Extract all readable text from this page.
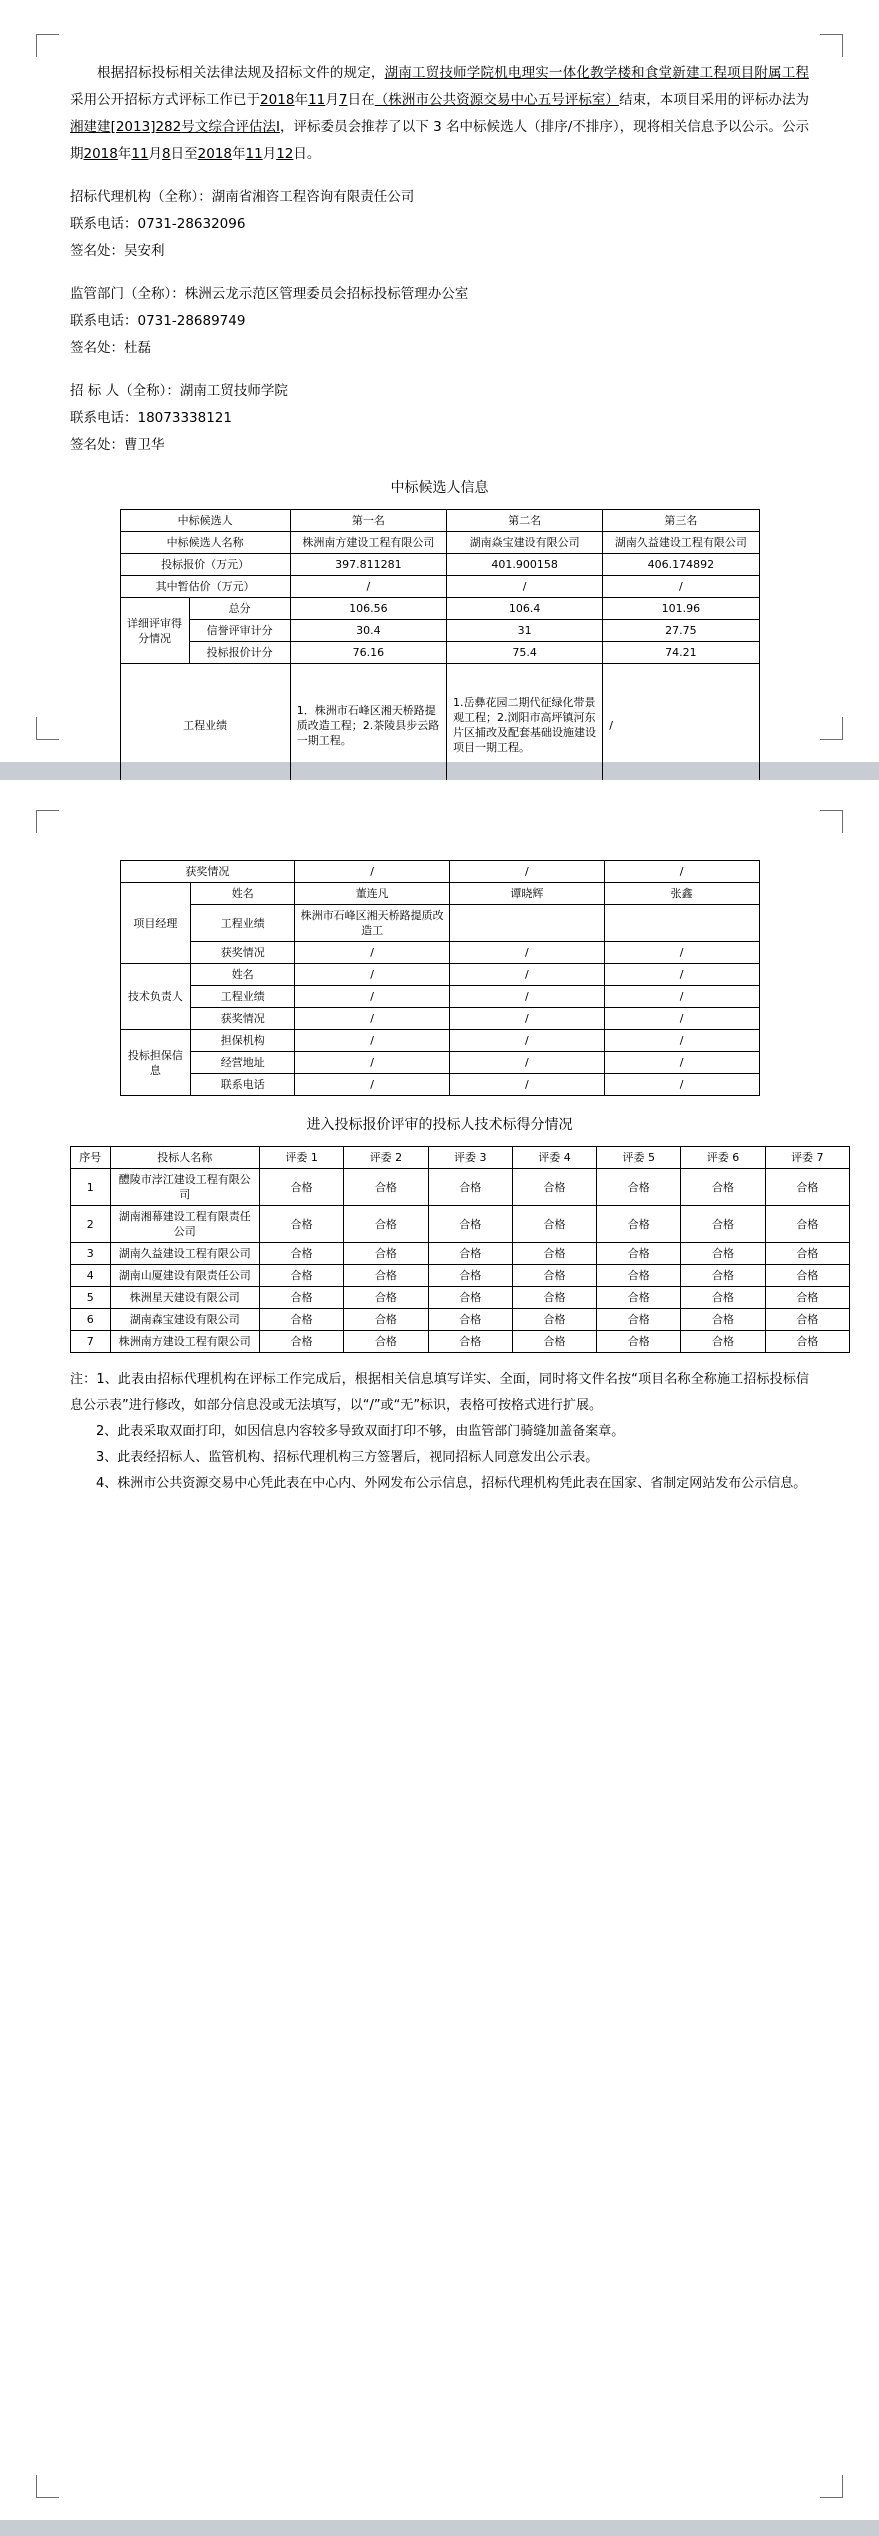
根据招标投标相关法律法规及招标文件的规定，湖南工贸技师学院机电理实一体化教学楼和食堂新建工程项目附属工程采用公开招标方式评标工作已于2018年11月7日在（株洲市公共资源交易中心五号评标室）结束，本项目采用的评标办法为湘建建[2013]282号文综合评估法Ⅰ，评标委员会推荐了以下 3 名中标候选人（排序/不排序），现将相关信息予以公示。公示期2018年11月8日至2018年11月12日。

招标代理机构（全称）：湖南省湘咨工程咨询有限责任公司
联系电话：0731-28632096
签名处：吴安利
监管部门（全称）：株洲云龙示范区管理委员会招标投标管理办公室
联系电话：0731-28689749
签名处：杜磊
招 标 人（全称）：湖南工贸技师学院
联系电话：18073338121
签名处：曹卫华
中标候选人信息
中标候选人		第一名	第二名	第三名
中标候选人名称		株洲南方建设工程有限公司	湖南焱宝建设有限公司	湖南久益建设工程有限公司
投标报价（万元）		397.811281	401.900158	406.174892
其中暂估价（万元）		/	/	/
详细评审得分情况	总分	106.56	106.4	101.96
	信誉评审计分	30.4	31	27.75
	投标报价计分	76.16	75.4	74.21
工程业绩		1．株洲市石峰区湘天桥路提质改造工程；2.茶陵县步云路一期工程。	1.岳彝花园二期代征绿化带景观工程；2.浏阳市高坪镇河东片区捕改及配套基础设施建设项目一期工程。	/
获奖情况		/	/	/
项目经理	姓名	董连凡	谭晓辉	张鑫
	工程业绩	株洲市石峰区湘天桥路提质改造工		
	获奖情况	/	/	/
技术负责人	姓名	/	/	/
	工程业绩	/	/	/
	获奖情况	/	/	/
投标担保信息	担保机构	/	/	/
	经营地址	/	/	/
	联系电话	/	/	/
进入投标报价评审的投标人技术标得分情况
序号	投标人名称	评委 1	评委 2	评委 3	评委 4	评委 5	评委 6	评委 7
1	醴陵市浡江建设工程有限公司	合格	合格	合格	合格	合格	合格	合格
2	湖南湘幕建设工程有限责任公司	合格	合格	合格	合格	合格	合格	合格
3	湖南久益建设工程有限公司	合格	合格	合格	合格	合格	合格	合格
4	湖南山厦建设有限责任公司	合格	合格	合格	合格	合格	合格	合格
5	株洲星天建设有限公司	合格	合格	合格	合格	合格	合格	合格
6	湖南森宝建设有限公司	合格	合格	合格	合格	合格	合格	合格
7	株洲南方建设工程有限公司	合格	合格	合格	合格	合格	合格	合格

注：1、此表由招标代理机构在评标工作完成后，根据相关信息填写详实、全面，同时将文件名按“项目名称全称施工招标投标信息公示表”进行修改，如部分信息没或无法填写，以“/”或“无”标识，表格可按格式进行扩展。

2、此表采取双面打印，如因信息内容较多导致双面打印不够，由监管部门骑缝加盖备案章。

3、此表经招标人、监管机构、招标代理机构三方签署后，视同招标人同意发出公示表。

4、株洲市公共资源交易中心凭此表在中心内、外网发布公示信息，招标代理机构凭此表在国家、省制定网站发布公示信息。
